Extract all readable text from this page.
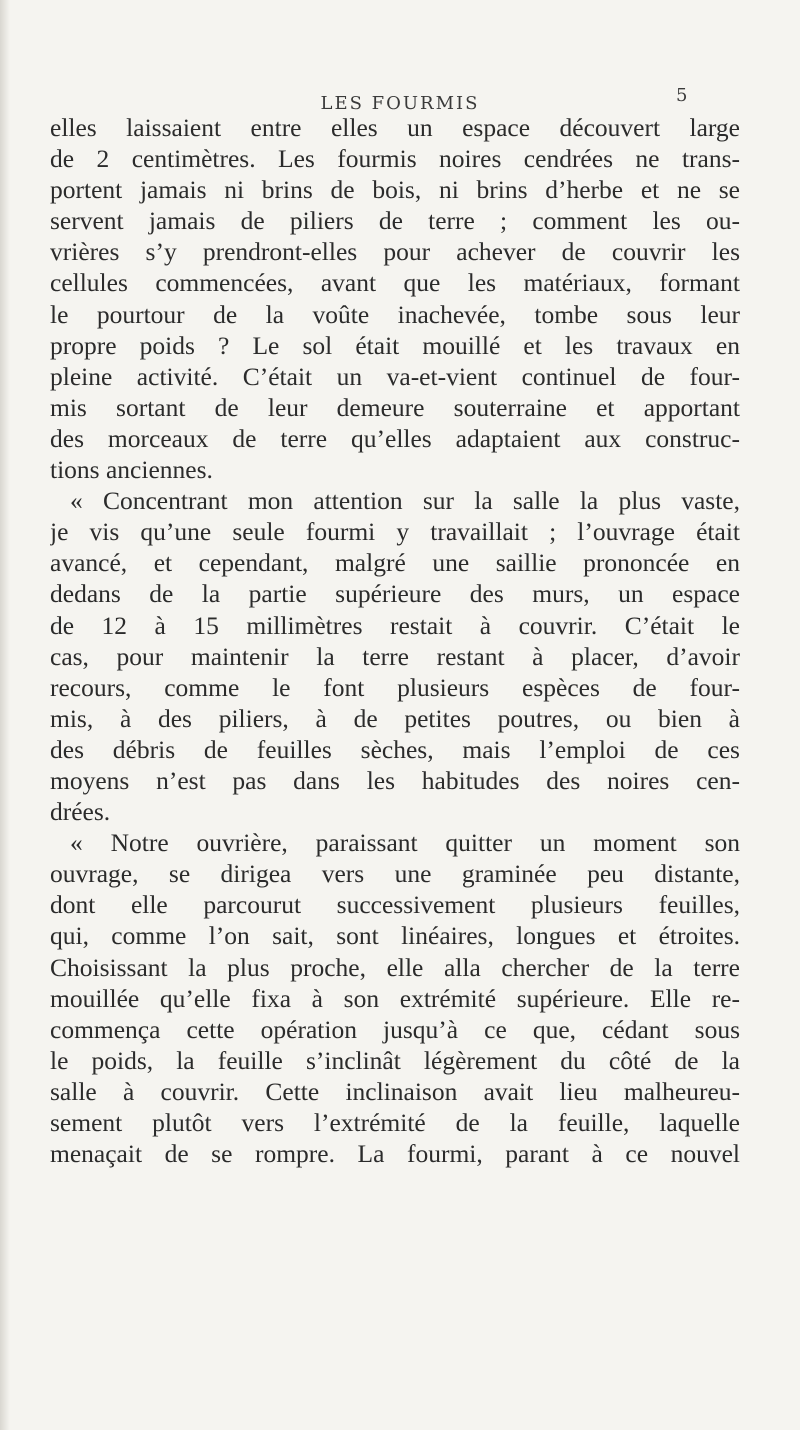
LES FOURMIS	5
elles laissaient entre elles un espace découvert large
de 2 centimètres. Les fourmis noires cendrées ne trans-
portent jamais ni brins de bois, ni brins d’herbe et ne se
servent jamais de piliers de terre ; comment les ou-
vrières s’y prendront-elles pour achever de couvrir les
cellules commencées, avant que les matériaux, formant
le pourtour de la voûte inachevée, tombe sous leur
propre poids ? Le sol était mouillé et les travaux en
pleine activité. C’était un va-et-vient continuel de four-
mis sortant de leur demeure souterraine et apportant
des morceaux de terre qu’elles adaptaient aux construc-
tions anciennes.
« Concentrant mon attention sur la salle la plus vaste,
je vis qu’une seule fourmi y travaillait ; l’ouvrage était
avancé, et cependant, malgré une saillie prononcée en
dedans de la partie supérieure des murs, un espace
de 12 à 15 millimètres restait à couvrir. C’était le
cas, pour maintenir la terre restant à placer, d’avoir
recours, comme le font plusieurs espèces de four-
mis, à des piliers, à de petites poutres, ou bien à
des débris de feuilles sèches, mais l’emploi de ces
moyens n’est pas dans les habitudes des noires cen-
drées.
« Notre ouvrière, paraissant quitter un moment son
ouvrage, se dirigea vers une graminée peu distante,
dont elle parcourut successivement plusieurs feuilles,
qui, comme l’on sait, sont linéaires, longues et étroites.
Choisissant la plus proche, elle alla chercher de la terre
mouillée qu’elle fixa à son extrémité supérieure. Elle re-
commença cette opération jusqu’à ce que, cédant sous
le poids, la feuille s’inclinât légèrement du côté de la
salle à couvrir. Cette inclinaison avait lieu malheureu-
sement plutôt vers l’extrémité de la feuille, laquelle
menaçait de se rompre. La fourmi, parant à ce nouvel
